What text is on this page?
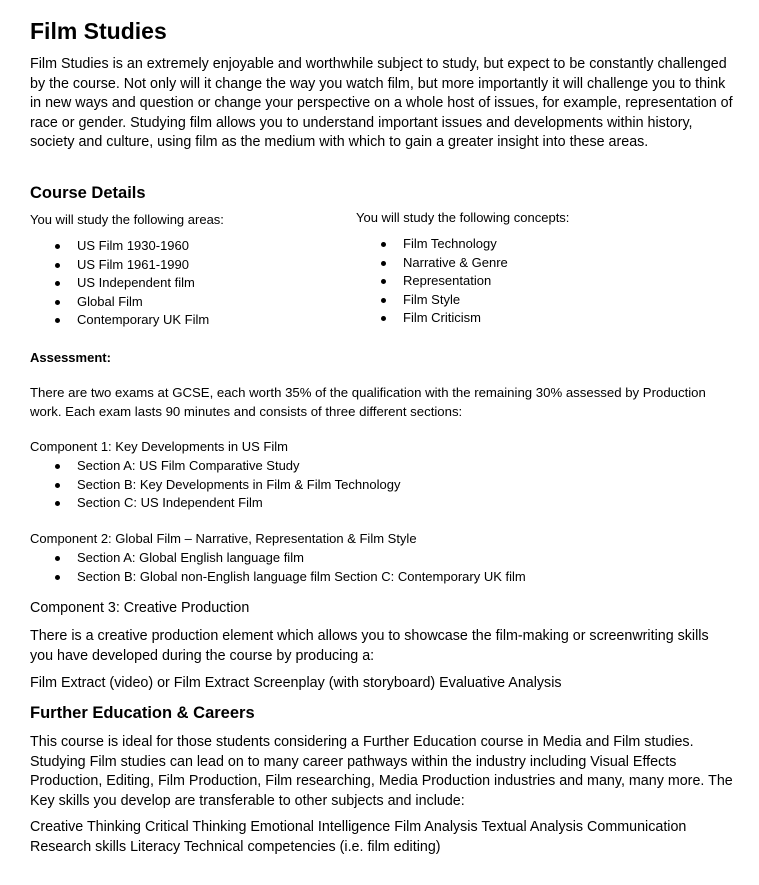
Film Studies

Film Studies is an extremely enjoyable and worthwhile subject to study, but expect to be constantly challenged by the course. Not only will it change the way you watch film, but more importantly it will challenge you to think in new ways and question or change your perspective on a whole host of issues, for example, representation of race or gender. Studying film allows you to understand important issues and developments within history, society and culture, using film as the medium with which to gain a greater insight into these areas.

Course Details

You will study the following areas:	You will study the following concepts:

US Film 1930-1960
US Film 1961-1990
US Independent film
Global Film
Contemporary UK Film
Film Technology
Narrative & Genre
Representation
Film Style
Film Criticism

Assessment:

There are two exams at GCSE, each worth 35% of the qualification with the remaining 30% assessed by Production work. Each exam lasts 90 minutes and consists of three different sections:

Component 1: Key Developments in US Film

Section A: US Film Comparative Study
Section B: Key Developments in Film & Film Technology
Section C: US Independent Film

Component 2: Global Film – Narrative, Representation & Film Style

Section A: Global English language film
Section B: Global non-English language film Section C: Contemporary UK film

Component 3: Creative Production

There is a creative production element which allows you to showcase the film-making or screenwriting skills you have developed during the course by producing a:

Film Extract (video) or Film Extract Screenplay (with storyboard) Evaluative Analysis

Further Education & Careers

This course is ideal for those students considering a Further Education course in Media and Film studies. Studying Film studies can lead on to many career pathways within the industry including Visual Effects Production, Editing, Film Production, Film researching, Media Production industries and many, many more. The Key skills you develop are transferable to other subjects and include:

Creative Thinking Critical Thinking Emotional Intelligence Film Analysis Textual Analysis Communication Research skills Literacy Technical competencies (i.e. film editing)
